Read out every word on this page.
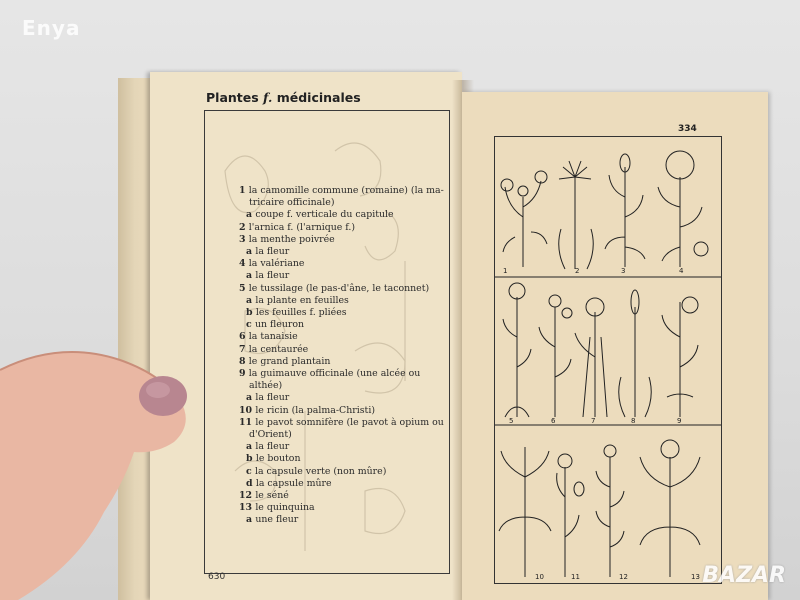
Enya
Plantes f. médicinales
1 la camomille commune (romaine) (la ma-
tricaire officinale)
a coupe f. verticale du capitule
2 l'arnica f. (l'arnique f.)
3 la menthe poivrée
a la fleur
4 la valériane
a la fleur
5 le tussilage (le pas-d'âne, le taconnet)
a la plante en feuilles
b les feuilles f. pliées
c un fleuron
6 la tanaisie
7 la centaurée
8 le grand plantain
9 la guimauve officinale (une alcée ou
althée)
a la fleur
10 le ricin (la palma-Christi)
11 le pavot somnifère (le pavot à opium ou
d'Orient)
a la fleur
b le bouton
c la capsule verte (non mûre)
d la capsule mûre
12 le séné
13 le quinquina
a une fleur
630
334
1	2	3	4
5	6	7	8	9
10	11	12	13 BAZAR
